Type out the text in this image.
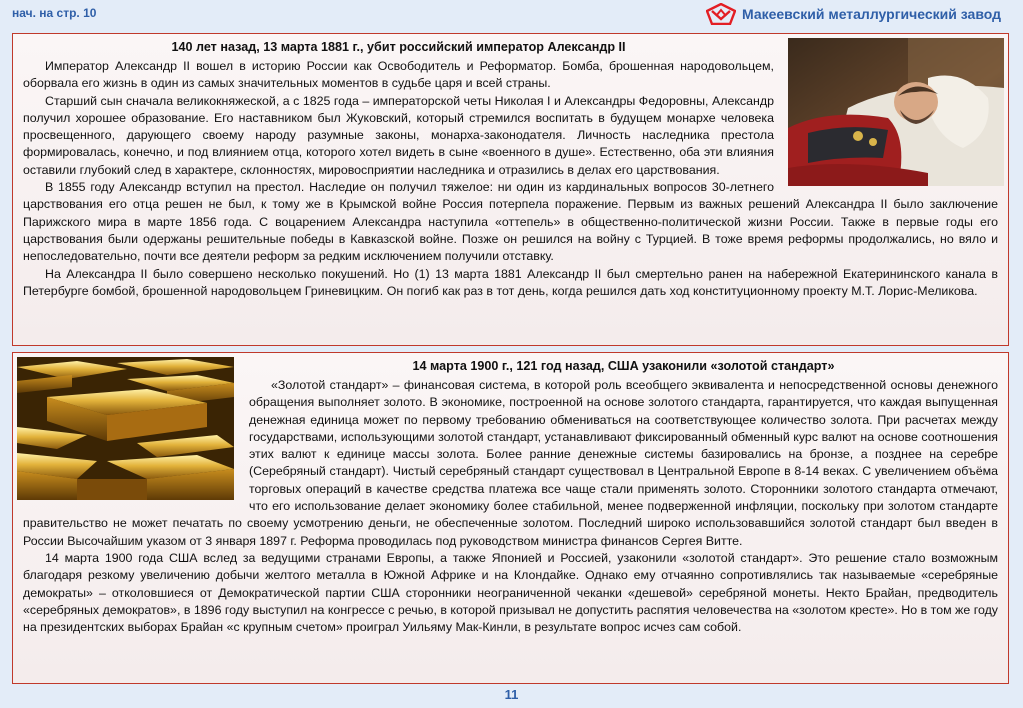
нач. на стр. 10	Макеевский металлургический завод
140 лет назад, 13 марта 1881 г., убит российский император Александр II

Император Александр II вошел в историю России как Освободитель и Реформатор. Бомба, брошенная народовольцем, оборвала его жизнь в один из самых значительных моментов в судьбе царя и всей страны.

Старший сын сначала великокняжеской, а с 1825 года – императорской четы Николая I и Александры Федоровны, Александр получил хорошее образование. Его наставником был Жуковский, который стремился воспитать в будущем монархе человека просвещенного, дарующего своему народу разумные законы, монарха-законодателя. Личность наследника престола формировалась, конечно, и под влиянием отца, которого хотел видеть в сыне «военного в душе». Естественно, оба эти влияния оставили глубокий след в характере, склонностях, мировосприятии наследника и отразились в делах его царствования.

В 1855 году Александр вступил на престол. Наследие он получил тяжелое: ни один из кардинальных вопросов 30-летнего царствования его отца решен не был, к тому же в Крымской войне Россия потерпела поражение. Первым из важных решений Александра II было заключение Парижского мира в марте 1856 года. С воцарением Александра наступила «оттепель» в общественно-политической жизни России. Также в первые годы его царствования были одержаны решительные победы в Кавказской войне. Позже он решился на войну с Турцией. В тоже время реформы продолжались, но вяло и непоследовательно, почти все деятели реформ за редким исключением получили отставку.

На Александра II было совершено несколько покушений. Но (1) 13 марта 1881 Александр II был смертельно ранен на набережной Екатерининского канала в Петербурге бомбой, брошенной народовольцем Гриневицким. Он погиб как раз в тот день, когда решился дать ход конституционному проекту М.Т. Лорис-Меликова.

14 марта 1900 г., 121 год назад, США узаконили «золотой стандарт»

«Золотой стандарт» – финансовая система, в которой роль всеобщего эквивалента и непосредственной основы денежного обращения выполняет золото. В экономике, построенной на основе золотого стандарта, гарантируется, что каждая выпущенная денежная единица может по первому требованию обмениваться на соответствующее количество золота. При расчетах между государствами, использующими золотой стандарт, устанавливают фиксированный обменный курс валют на основе соотношения этих валют к единице массы золота. Более ранние денежные системы базировались на бронзе, а позднее на серебре (Серебряный стандарт). Чистый серебряный стандарт существовал в Центральной Европе в 8-14 веках. С увеличением объёма торговых операций в качестве средства платежа все чаще стали применять золото. Сторонники золотого стандарта отмечают, что его использование делает экономику более стабильной, менее подверженной инфляции, поскольку при золотом стандарте правительство не может печатать по своему усмотрению деньги, не обеспеченные золотом. Последний широко использовавшийся золотой стандарт был введен в России Высочайшим указом от 3 января 1897 г. Реформа проводилась под руководством министра финансов Сергея Витте.

14 марта 1900 года США вслед за ведущими странами Европы, а также Японией и Россией, узаконили «золотой стандарт». Это решение стало возможным благодаря резкому увеличению добычи желтого металла в Южной Африке и на Клондайке. Однако ему отчаянно сопротивлялись так называемые «серебряные демократы» – отколовшиеся от Демократической партии США сторонники неограниченной чеканки «дешевой» серебряной монеты. Некто Брайан, предводитель «серебряных демократов», в 1896 году выступил на конгрессе с речью, в которой призывал не допустить распятия человечества на «золотом кресте». Но в том же году на президентских выборах Брайан «с крупным счетом» проиграл Уильяму Мак-Кинли, в результате вопрос исчез сам собой.

11
